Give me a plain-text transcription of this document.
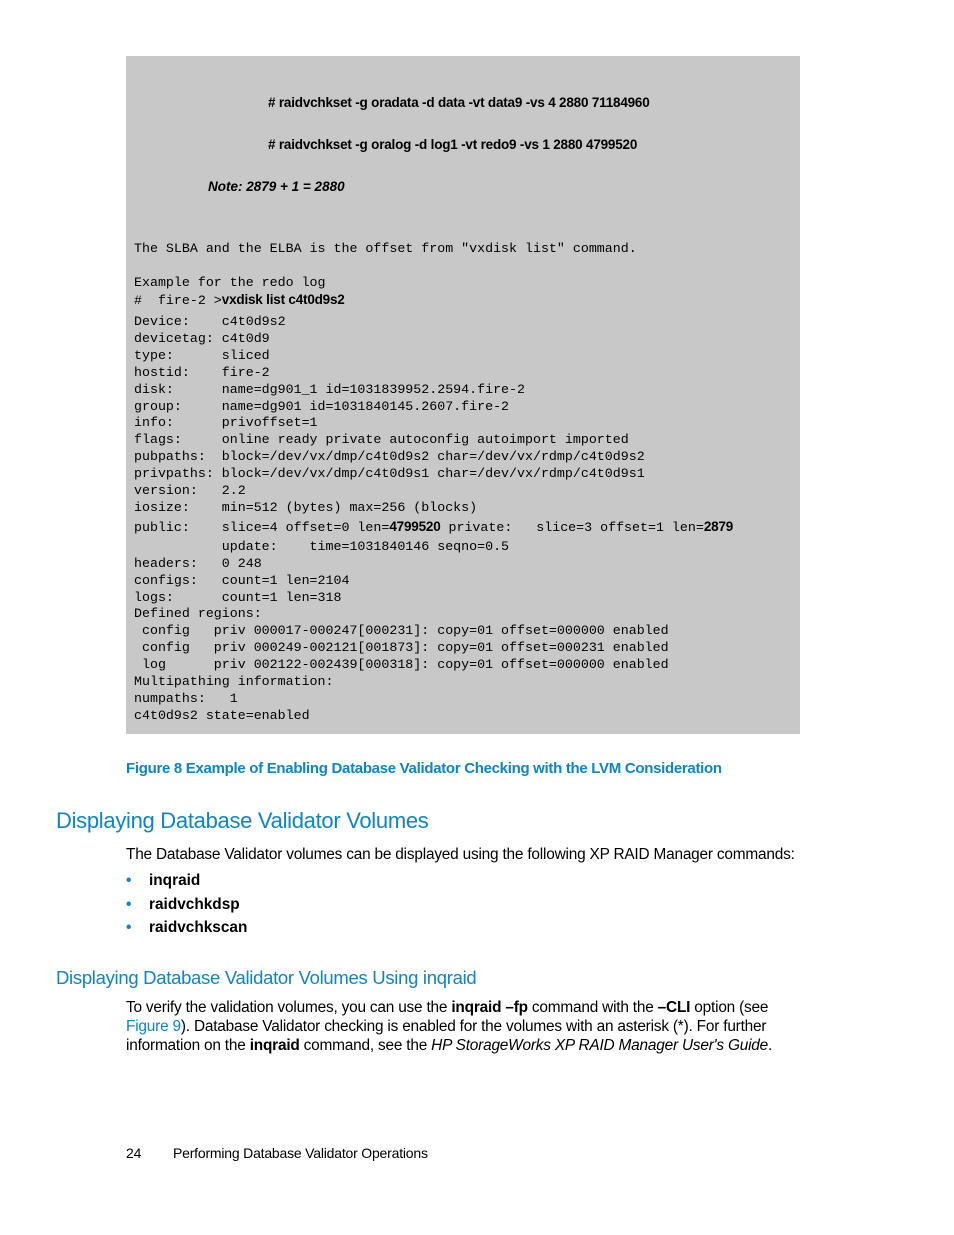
# raidvchkset -g oradata -d data -vt data9 -vs 4 2880 71184960
# raidvchkset -g oralog -d log1 -vt redo9 -vs 1 2880 4799520
Note: 2879 + 1 = 2880
The SLBA and the ELBA is the offset from "vxdisk list" command.
Example for the redo log
#  fire-2 >vxdisk list c4t0d9s2
Device:    c4t0d9s2
devicetag: c4t0d9
type:      sliced
hostid:    fire-2
disk:      name=dg901_1 id=1031839952.2594.fire-2
group:     name=dg901 id=1031840145.2607.fire-2
info:      privoffset=1
flags:     online ready private autoconfig autoimport imported
pubpaths:  block=/dev/vx/dmp/c4t0d9s2 char=/dev/vx/rdmp/c4t0d9s2
privpaths: block=/dev/vx/dmp/c4t0d9s1 char=/dev/vx/rdmp/c4t0d9s1
version:   2.2
iosize:    min=512 (bytes) max=256 (blocks)
public:    slice=4 offset=0 len=4799520 private:   slice=3 offset=1 len=2879
update:    time=1031840146 seqno=0.5
headers:   0 248
configs:   count=1 len=2104
logs:      count=1 len=318
Defined regions:
config   priv 000017-000247[000231]: copy=01 offset=000000 enabled
config   priv 000249-002121[001873]: copy=01 offset=000231 enabled
log      priv 002122-002439[000318]: copy=01 offset=000000 enabled
Multipathing information:
numpaths:   1
c4t0d9s2 state=enabled
Figure 8 Example of Enabling Database Validator Checking with the LVM Consideration
Displaying Database Validator Volumes
The Database Validator volumes can be displayed using the following XP RAID Manager commands:
• inqraid
• raidvchkdsp
• raidvchkscan
Displaying Database Validator Volumes Using inqraid
To verify the validation volumes, you can use the inqraid –fp command with the –CLI option (see
Figure 9). Database Validator checking is enabled for the volumes with an asterisk (*). For further information on the inqraid command, see the HP StorageWorks XP RAID Manager User's Guide.
24 Performing Database Validator Operations
